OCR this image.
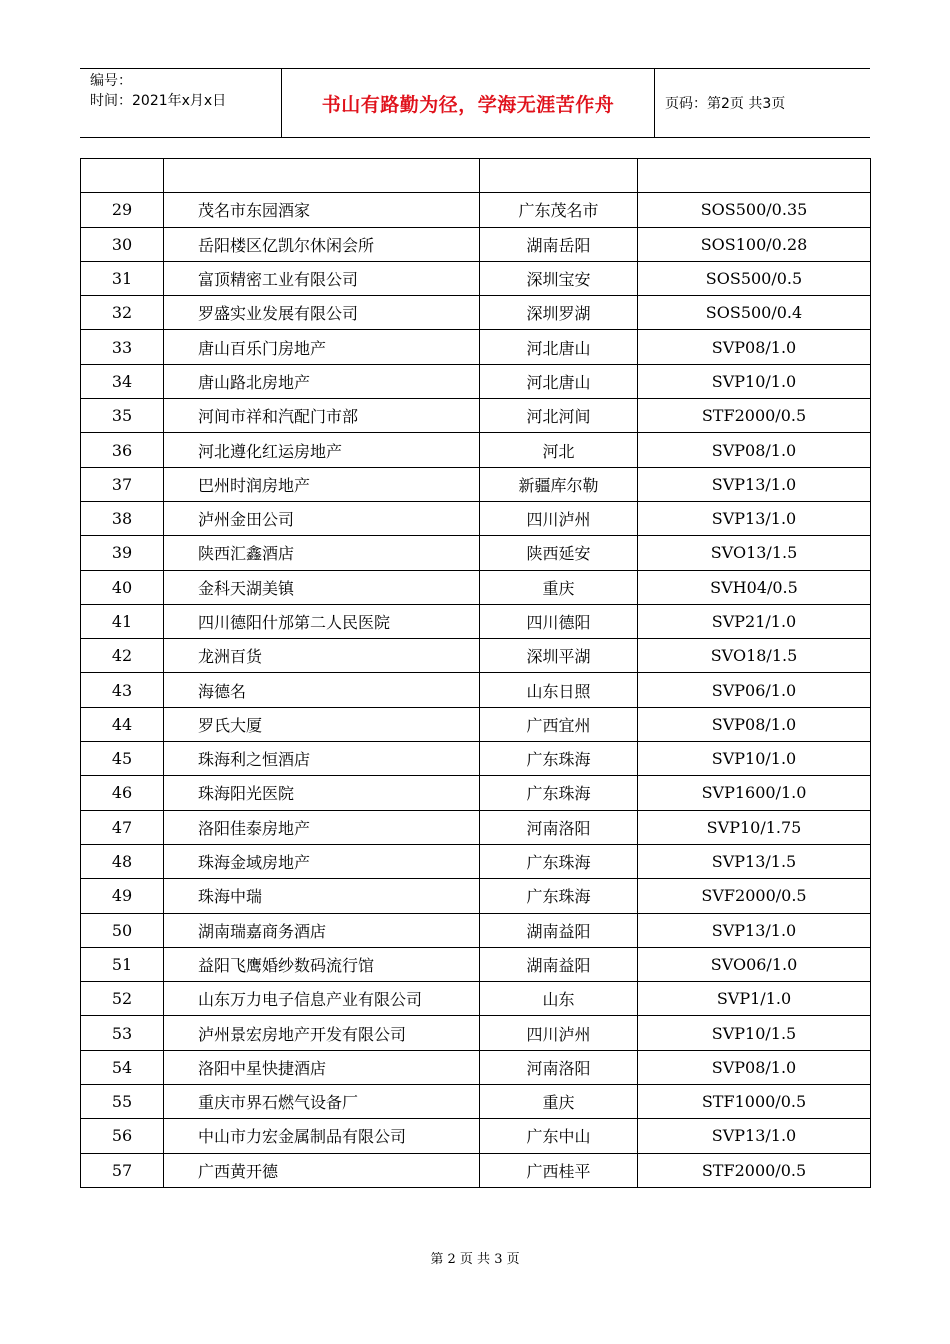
编号：
时间：2021年x月x日	书山有路勤为径，学海无涯苦作舟	页码：第2页 共3页

29	茂名市东园酒家	广东茂名市	SOS500/0.35
30	岳阳楼区亿凯尔休闲会所	湖南岳阳	SOS100/0.28
31	富顶精密工业有限公司	深圳宝安	SOS500/0.5
32	罗盛实业发展有限公司	深圳罗湖	SOS500/0.4
33	唐山百乐门房地产	河北唐山	SVP08/1.0
34	唐山路北房地产	河北唐山	SVP10/1.0
35	河间市祥和汽配门市部	河北河间	STF2000/0.5
36	河北遵化红运房地产	河北	SVP08/1.0
37	巴州时润房地产	新疆库尔勒	SVP13/1.0
38	泸州金田公司	四川泸州	SVP13/1.0
39	陕西汇鑫酒店	陕西延安	SVO13/1.5
40	金科天湖美镇	重庆	SVH04/0.5
41	四川德阳什邡第二人民医院	四川德阳	SVP21/1.0
42	龙洲百货	深圳平湖	SVO18/1.5
43	海德名	山东日照	SVP06/1.0
44	罗氏大厦	广西宜州	SVP08/1.0
45	珠海利之恒酒店	广东珠海	SVP10/1.0
46	珠海阳光医院	广东珠海	SVP1600/1.0
47	洛阳佳泰房地产	河南洛阳	SVP10/1.75
48	珠海金域房地产	广东珠海	SVP13/1.5
49	珠海中瑞	广东珠海	SVF2000/0.5
50	湖南瑞嘉商务酒店	湖南益阳	SVP13/1.0
51	益阳飞鹰婚纱数码流行馆	湖南益阳	SVO06/1.0
52	山东万力电子信息产业有限公司	山东	SVP1/1.0
53	泸州景宏房地产开发有限公司	四川泸州	SVP10/1.5
54	洛阳中星快捷酒店	河南洛阳	SVP08/1.0
55	重庆市界石燃气设备厂	重庆	STF1000/0.5
56	中山市力宏金属制品有限公司	广东中山	SVP13/1.0
57	广西黄开德	广西桂平	STF2000/0.5
第 2 页 共 3 页
